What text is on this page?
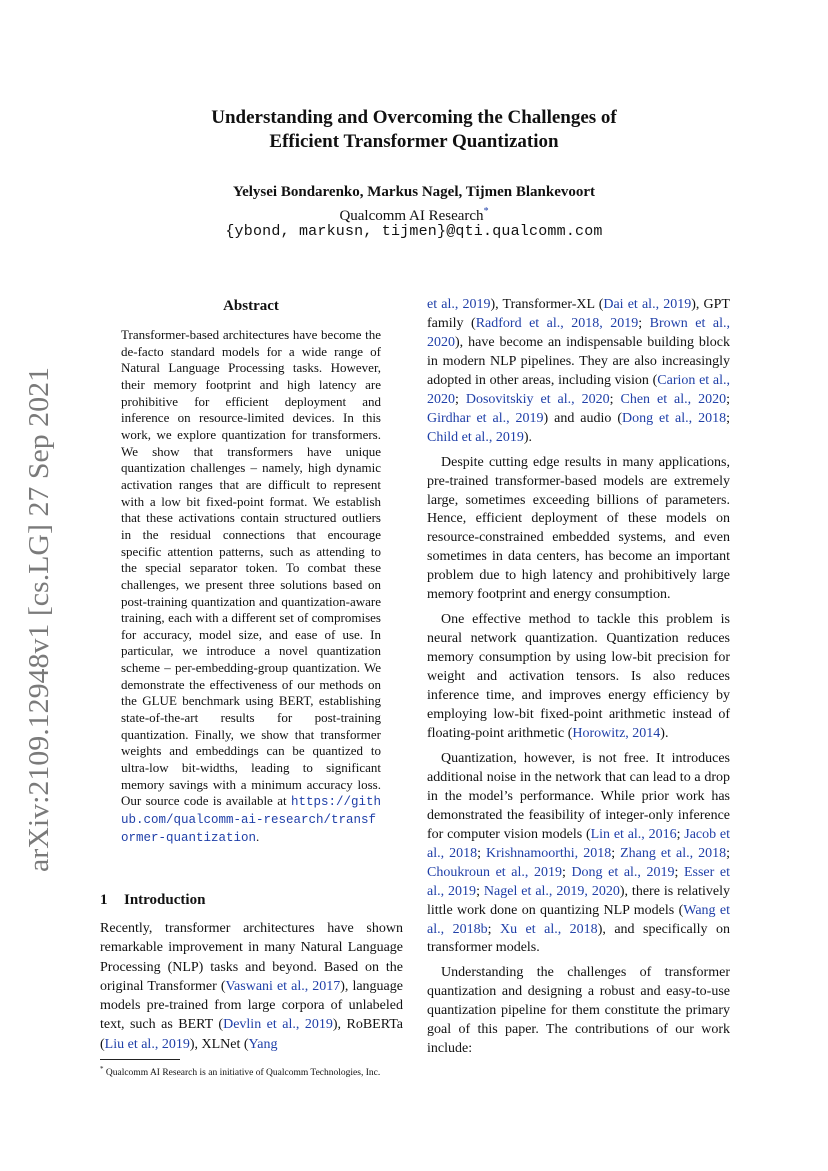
arXiv:2109.12948v1 [cs.LG] 27 Sep 2021
Understanding and Overcoming the Challenges of
Efficient Transformer Quantization
Yelysei Bondarenko, Markus Nagel, Tijmen Blankevoort
Qualcomm AI Research*
{ybond, markusn, tijmen}@qti.qualcomm.com
Abstract
Transformer-based architectures have become the de-facto standard models for a wide range of Natural Language Processing tasks. However, their memory footprint and high latency are prohibitive for efficient deployment and inference on resource-limited devices. In this work, we explore quantization for transformers. We show that transformers have unique quantization challenges – namely, high dynamic activation ranges that are difficult to represent with a low bit fixed-point format. We establish that these activations contain structured outliers in the residual connections that encourage specific attention patterns, such as attending to the special separator token. To combat these challenges, we present three solutions based on post-training quantization and quantization-aware training, each with a different set of compromises for accuracy, model size, and ease of use. In particular, we introduce a novel quantization scheme – per-embedding-group quantization. We demonstrate the effectiveness of our methods on the GLUE benchmark using BERT, establishing state-of-the-art results for post-training quantization. Finally, we show that transformer weights and embeddings can be quantized to ultra-low bit-widths, leading to significant memory savings with a minimum accuracy loss. Our source code is available at https://github.com/qualcomm-ai-research/transformer-quantization.
1 Introduction
Recently, transformer architectures have shown remarkable improvement in many Natural Language Processing (NLP) tasks and beyond. Based on the original Transformer (Vaswani et al., 2017), language models pre-trained from large corpora of unlabeled text, such as BERT (Devlin et al., 2019), RoBERTa (Liu et al., 2019), XLNet (Yang
* Qualcomm AI Research is an initiative of Qualcomm Technologies, Inc.

et al., 2019), Transformer-XL (Dai et al., 2019), GPT family (Radford et al., 2018, 2019; Brown et al., 2020), have become an indispensable building block in modern NLP pipelines. They are also increasingly adopted in other areas, including vision (Carion et al., 2020; Dosovitskiy et al., 2020; Chen et al., 2020; Girdhar et al., 2019) and audio (Dong et al., 2018; Child et al., 2019).

Despite cutting edge results in many applications, pre-trained transformer-based models are extremely large, sometimes exceeding billions of parameters. Hence, efficient deployment of these models on resource-constrained embedded systems, and even sometimes in data centers, has become an important problem due to high latency and prohibitively large memory footprint and energy consumption.

One effective method to tackle this problem is neural network quantization. Quantization reduces memory consumption by using low-bit precision for weight and activation tensors. Is also reduces inference time, and improves energy efficiency by employing low-bit fixed-point arithmetic instead of floating-point arithmetic (Horowitz, 2014).

Quantization, however, is not free. It introduces additional noise in the network that can lead to a drop in the model’s performance. While prior work has demonstrated the feasibility of integer-only inference for computer vision models (Lin et al., 2016; Jacob et al., 2018; Krishnamoorthi, 2018; Zhang et al., 2018; Choukroun et al., 2019; Dong et al., 2019; Esser et al., 2019; Nagel et al., 2019, 2020), there is relatively little work done on quantizing NLP models (Wang et al., 2018b; Xu et al., 2018), and specifically on transformer models.

Understanding the challenges of transformer quantization and designing a robust and easy-to-use quantization pipeline for them constitute the primary goal of this paper. The contributions of our work include:
